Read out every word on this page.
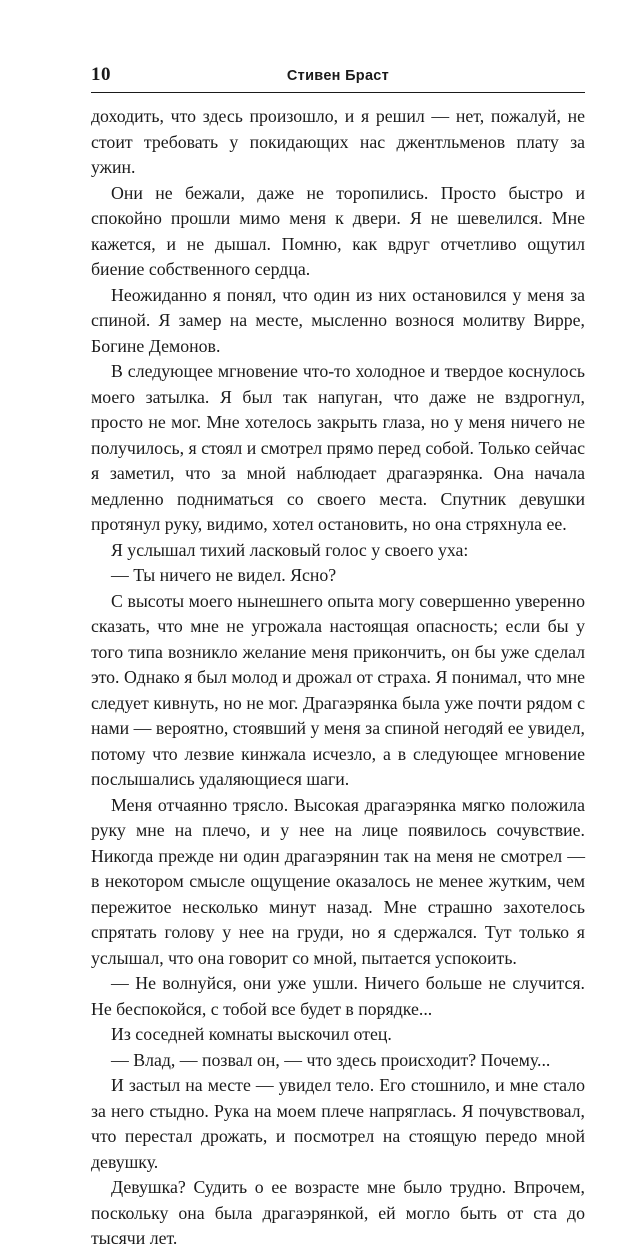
10	Стивен Браст

доходить, что здесь произошло, и я решил — нет, пожалуй, не стоит требовать у покидающих нас джентльменов плату за ужин.

Они не бежали, даже не торопились. Просто быстро и спокойно прошли мимо меня к двери. Я не шевелился. Мне кажется, и не дышал. Помню, как вдруг отчетливо ощутил биение собственного сердца.

Неожиданно я понял, что один из них остановился у меня за спиной. Я замер на месте, мысленно вознося молитву Вирре, Богине Демонов.

В следующее мгновение что-то холодное и твердое коснулось моего затылка. Я был так напуган, что даже не вздрогнул, просто не мог. Мне хотелось закрыть глаза, но у меня ничего не получилось, я стоял и смотрел прямо перед собой. Только сейчас я заметил, что за мной наблюдает драгаэрянка. Она начала медленно подниматься со своего места. Спутник девушки протянул руку, видимо, хотел остановить, но она стряхнула ее.

Я услышал тихий ласковый голос у своего уха:

— Ты ничего не видел. Ясно?

С высоты моего нынешнего опыта могу совершенно уверенно сказать, что мне не угрожала настоящая опасность; если бы у того типа возникло желание меня прикончить, он бы уже сделал это. Однако я был молод и дрожал от страха. Я понимал, что мне следует кивнуть, но не мог. Драгаэрянка была уже почти рядом с нами — вероятно, стоявший у меня за спиной негодяй ее увидел, потому что лезвие кинжала исчезло, а в следующее мгновение послышались удаляющиеся шаги.

Меня отчаянно трясло. Высокая драгаэрянка мягко положила руку мне на плечо, и у нее на лице появилось сочувствие. Никогда прежде ни один драгаэрянин так на меня не смотрел — в некотором смысле ощущение оказалось не менее жутким, чем пережитое несколько минут назад. Мне страшно захотелось спрятать голову у нее на груди, но я сдержался. Тут только я услышал, что она говорит со мной, пытается успокоить.

— Не волнуйся, они уже ушли. Ничего больше не случится. Не беспокойся, с тобой все будет в порядке...

Из соседней комнаты выскочил отец.

— Влад, — позвал он, — что здесь происходит? Почему...

И застыл на месте — увидел тело. Его стошнило, и мне стало за него стыдно. Рука на моем плече напряглась. Я почувствовал, что перестал дрожать, и посмотрел на стоящую передо мной девушку.

Девушка? Судить о ее возрасте мне было трудно. Впрочем, поскольку она была драгаэрянкой, ей могло быть от ста до тысячи лет.
